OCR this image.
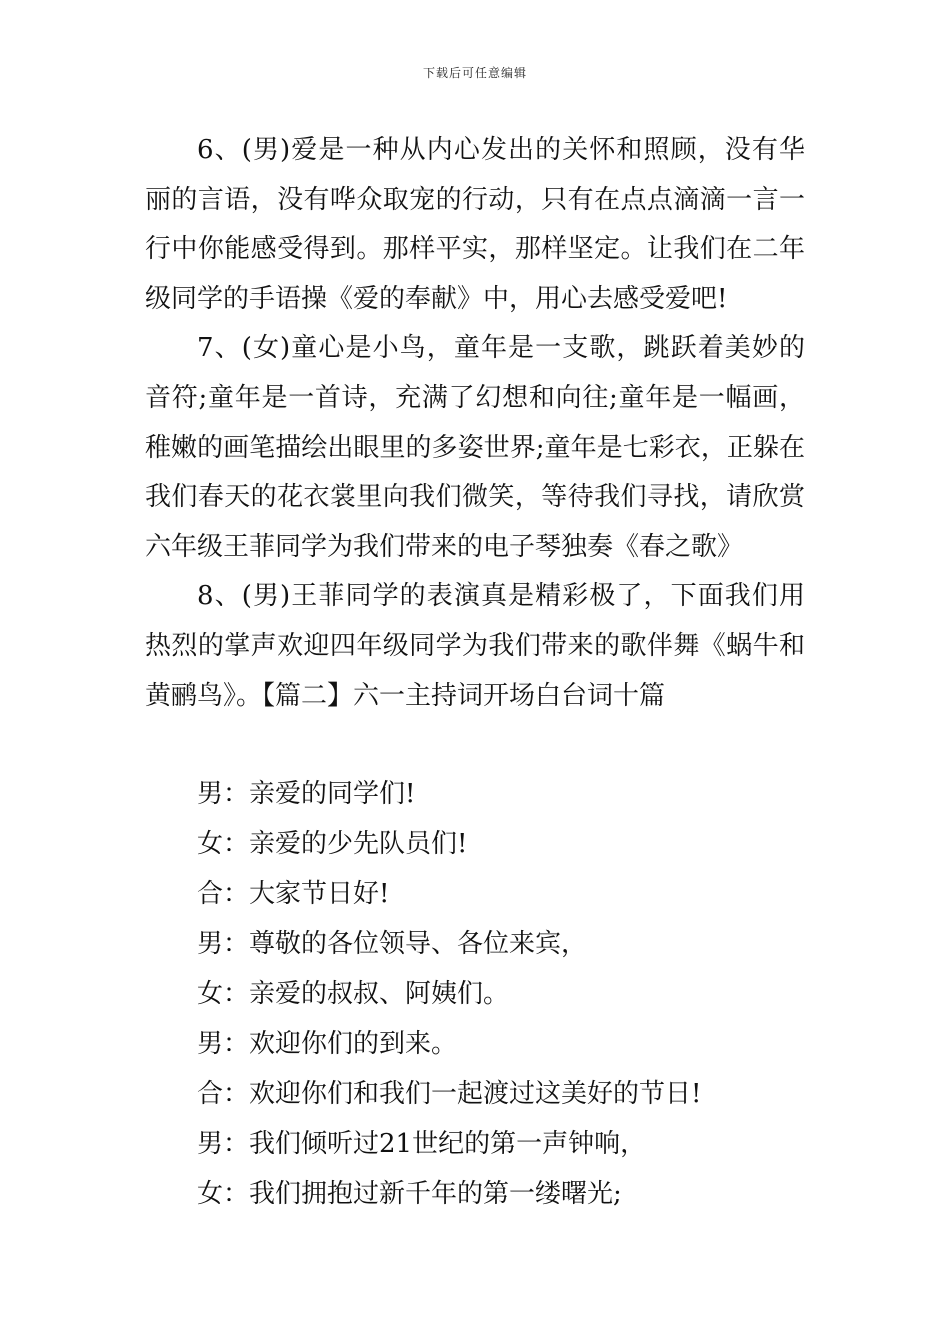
下载后可任意编辑

6、(男)爱是一种从内心发出的关怀和照顾，没有华丽的言语，没有哗众取宠的行动，只有在点点滴滴一言一行中你能感受得到。那样平实，那样坚定。让我们在二年级同学的手语操《爱的奉献》中，用心去感受爱吧!

7、(女)童心是小鸟，童年是一支歌，跳跃着美妙的音符;童年是一首诗，充满了幻想和向往;童年是一幅画，稚嫩的画笔描绘出眼里的多姿世界;童年是七彩衣，正躲在我们春天的花衣裳里向我们微笑，等待我们寻找，请欣赏六年级王菲同学为我们带来的电子琴独奏《春之歌》

8、(男)王菲同学的表演真是精彩极了，下面我们用热烈的掌声欢迎四年级同学为我们带来的歌伴舞《蜗牛和黄鹂鸟》。【篇二】六一主持词开场白台词十篇

男：亲爱的同学们!

女：亲爱的少先队员们!

合：大家节日好!

男：尊敬的各位领导、各位来宾，

女：亲爱的叔叔、阿姨们。

男：欢迎你们的到来。

合：欢迎你们和我们一起渡过这美好的节日!

男：我们倾听过21世纪的第一声钟响，

女：我们拥抱过新千年的第一缕曙光;
